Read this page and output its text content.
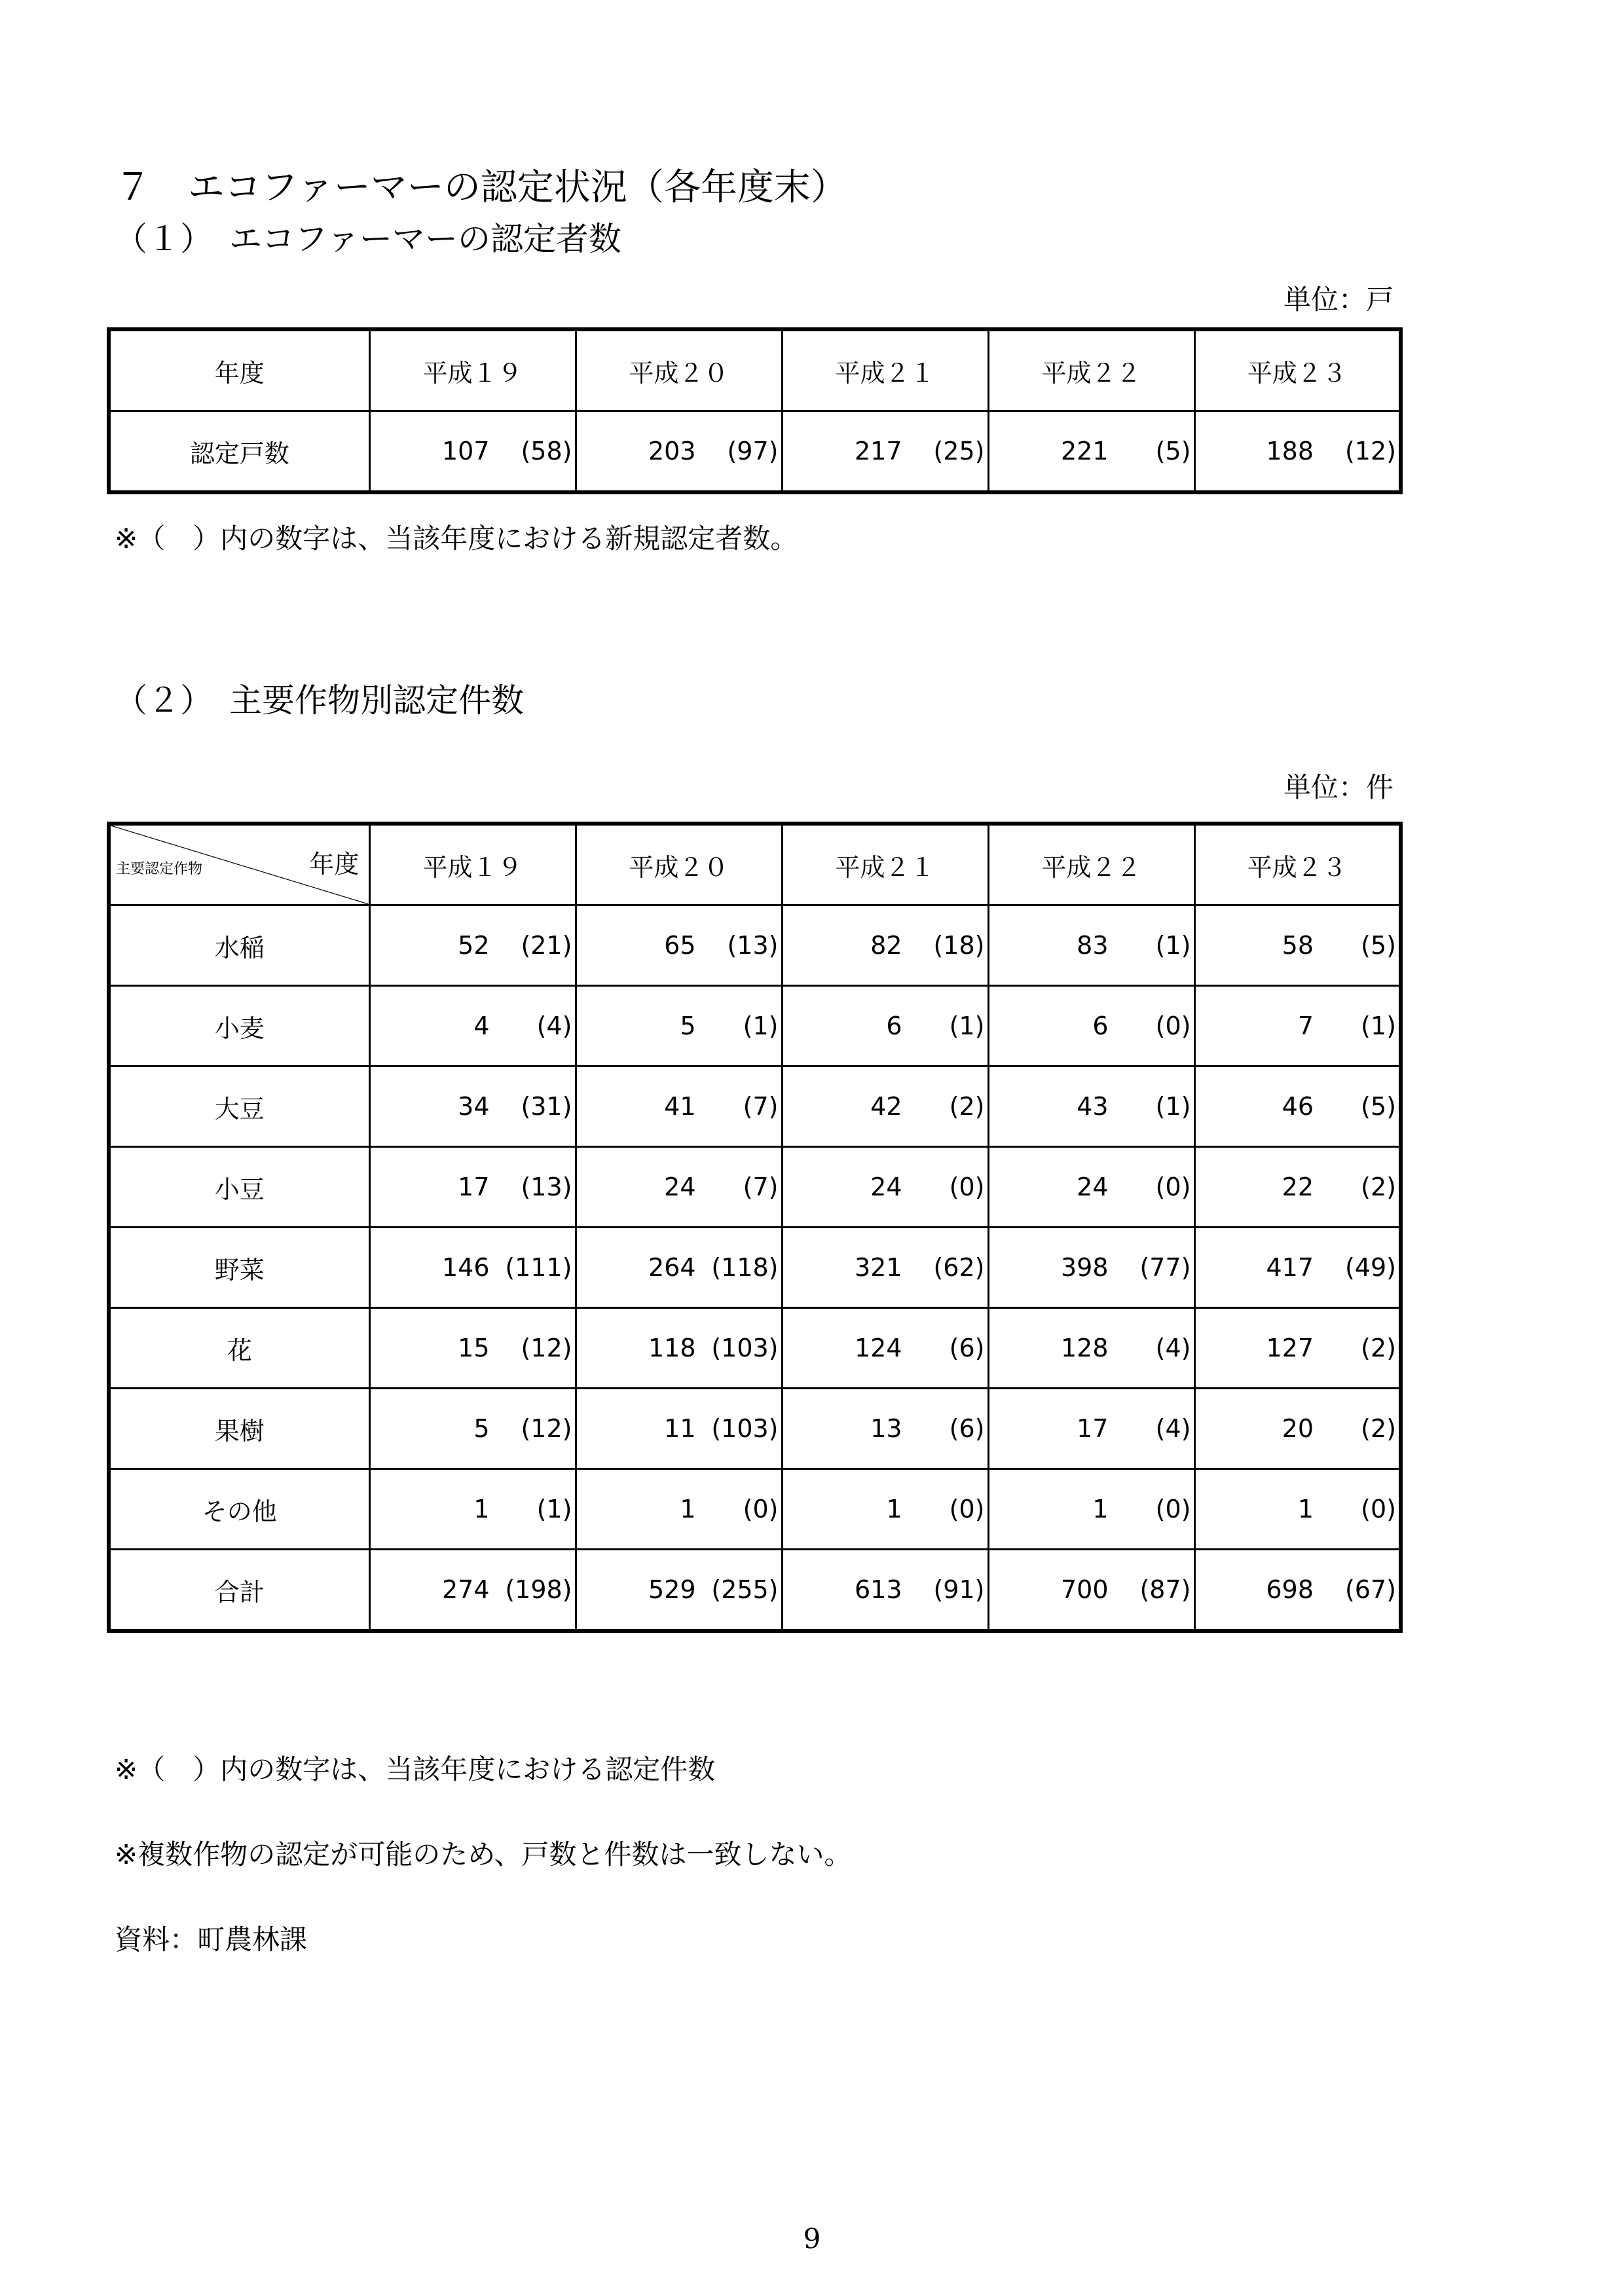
７　エコファーマーの認定状況（各年度末）
（１）　エコファーマーの認定者数
単位：戸
年度	平成１９	平成２０	平成２１	平成２２	平成２３
認定戸数	107 (58)	203 (97)	217 (25)	221 (5)	188 (12)
※（　）内の数字は、当該年度における新規認定者数。
（２）　主要作物別認定件数
単位：件
主要認定作物 年度	平成１９	平成２０	平成２１	平成２２	平成２３
水稲	52 (21)	65 (13)	82 (18)	83 (1)	58 (5)

小麦	4 (4)	5 (1)	6 (1)	6 (0)	7 (1)

大豆	34 (31)	41 (7)	42 (2)	43 (1)	46 (5)

小豆	17 (13)	24 (7)	24 (0)	24 (0)	22 (2)

野菜	146 (111)	264 (118)	321 (62)	398 (77)	417 (49)

花	15 (12)	118 (103)	124 (6)	128 (4)	127 (2)

果樹	5 (12)	11 (103)	13 (6)	17 (4)	20 (2)

その他	1 (1)	1 (0)	1 (0)	1 (0)	1 (0)

合計	274 (198)	529 (255)	613 (91)	700 (87)	698 (67)
※（　）内の数字は、当該年度における認定件数
※複数作物の認定が可能のため、戸数と件数は一致しない。
資料：町農林課
9
